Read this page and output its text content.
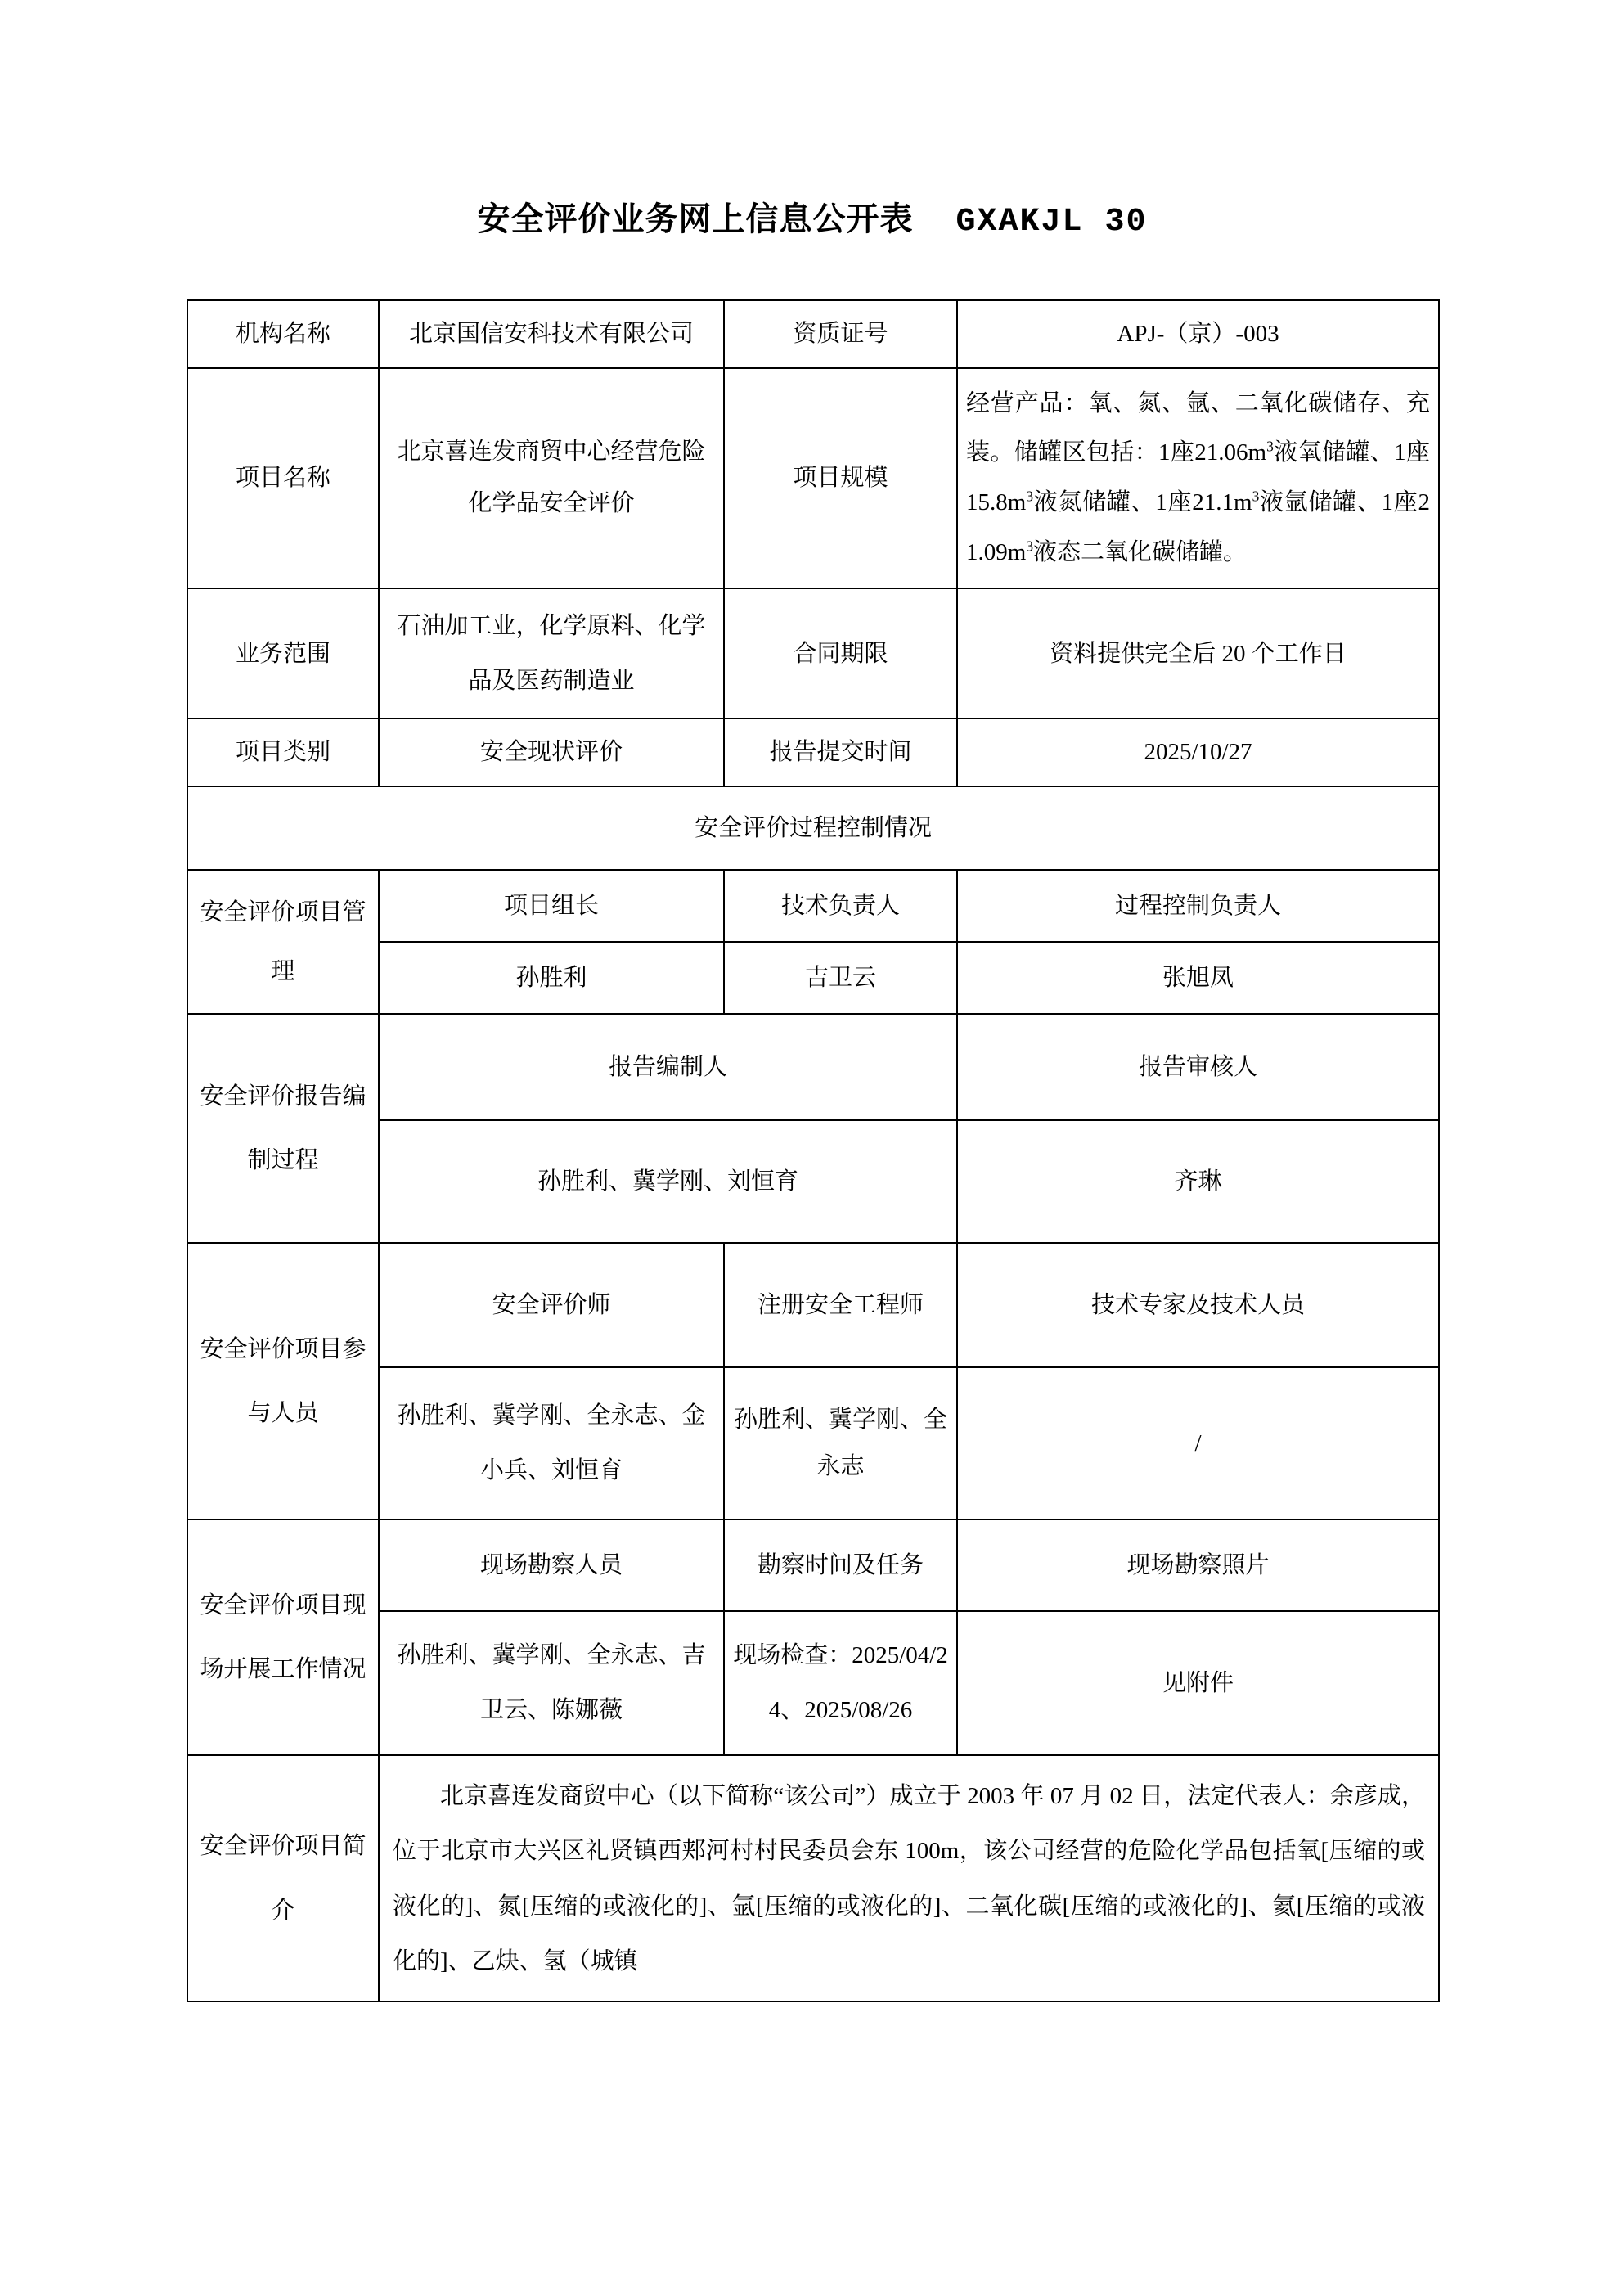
安全评价业务网上信息公开表 GXAKJL 30
机构名称	北京国信安科技术有限公司	资质证号	APJ-（京）-003
项目名称	北京喜连发商贸中心经营危险化学品安全评价	项目规模	经营产品：氧、氮、氩、二氧化碳储存、充装。储罐区包括：1座$21.06m^3$液氧储罐、1座$15.8m^3$液氮储罐、1座$21.1m^3$液氩储罐、1座$21.09m^3$液态二氧化碳储罐。
业务范围	石油加工业，化学原料、化学品及医药制造业	合同期限	资料提供完全后 20 个工作日
项目类别	安全现状评价	报告提交时间	2025/10/27
安全评价过程控制情况			
安全评价项目管理	项目组长	技术负责人	过程控制负责人
	孙胜利	吉卫云	张旭凤
安全评价报告编制过程	报告编制人		报告审核人
	孙胜利、冀学刚、刘恒育		齐琳
安全评价项目参与人员	安全评价师	注册安全工程师	技术专家及技术人员
	孙胜利、冀学刚、全永志、金小兵、刘恒育	孙胜利、冀学刚、全永志	/
安全评价项目现场开展工作情况	现场勘察人员	勘察时间及任务	现场勘察照片
	孙胜利、冀学刚、全永志、吉卫云、陈娜薇	现场检查：2025/04/24、2025/08/26	见附件
安全评价项目简介	北京喜连发商贸中心（以下简称“该公司”）成立于 2003 年 07 月 02 日，法定代表人：余彦成，位于北京市大兴区礼贤镇西郏河村村民委员会东 100m，该公司经营的危险化学品包括氧[压缩的或液化的]、氮[压缩的或液化的]、氩[压缩的或液化的]、二氧化碳[压缩的或液化的]、氦[压缩的或液化的]、乙炔、氢（城镇		
